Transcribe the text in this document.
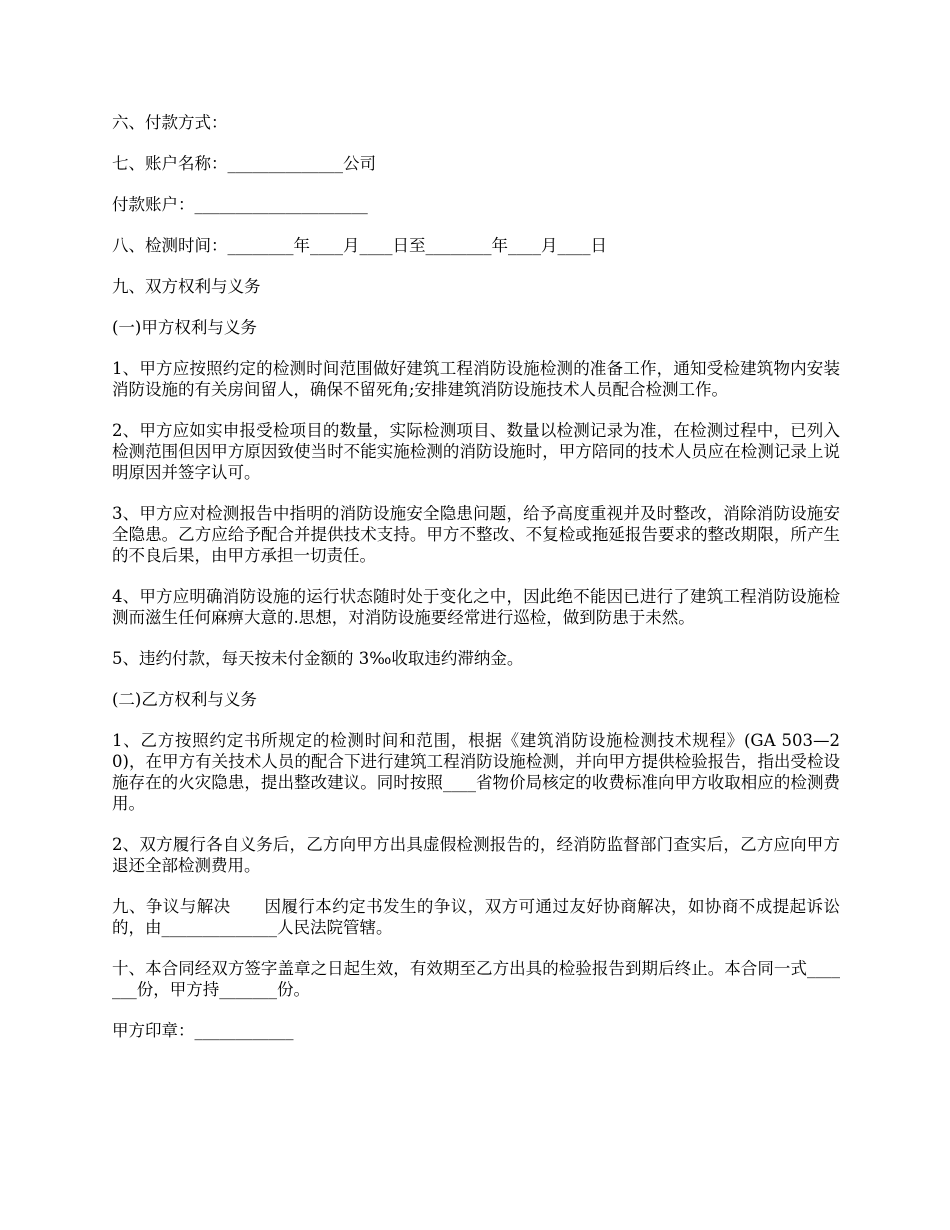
六、付款方式：

七、账户名称：______________公司

付款账户：_____________________

八、检测时间：________年____月____日至________年____月____日

九、双方权利与义务

(一)甲方权利与义务

1、甲方应按照约定的检测时间范围做好建筑工程消防设施检测的准备工作，通知受检建筑物内安装消防设施的有关房间留人，确保不留死角;安排建筑消防设施技术人员配合检测工作。

2、甲方应如实申报受检项目的数量，实际检测项目、数量以检测记录为准，在检测过程中，已列入检测范围但因甲方原因致使当时不能实施检测的消防设施时，甲方陪同的技术人员应在检测记录上说明原因并签字认可。

3、甲方应对检测报告中指明的消防设施安全隐患问题，给予高度重视并及时整改，消除消防设施安全隐患。乙方应给予配合并提供技术支持。甲方不整改、不复检或拖延报告要求的整改期限，所产生的不良后果，由甲方承担一切责任。

4、甲方应明确消防设施的运行状态随时处于变化之中，因此绝不能因已进行了建筑工程消防设施检测而滋生任何麻痹大意的.思想，对消防设施要经常进行巡检，做到防患于未然。

5、违约付款，每天按未付金额的 3‰收取违约滞纳金。

(二)乙方权利与义务

1、乙方按照约定书所规定的检测时间和范围，根据《建筑消防设施检测技术规程》(GA 503—20)，在甲方有关技术人员的配合下进行建筑工程消防设施检测，并向甲方提供检验报告，指出受检设施存在的火灾隐患，提出整改建议。同时按照____省物价局核定的收费标准向甲方收取相应的检测费用。

2、双方履行各自义务后，乙方向甲方出具虚假检测报告的，经消防监督部门查实后，乙方应向甲方退还全部检测费用。

九、争议与解决　　因履行本约定书发生的争议，双方可通过友好协商解决，如协商不成提起诉讼的，由______________人民法院管辖。

十、本合同经双方签字盖章之日起生效，有效期至乙方出具的检验报告到期后终止。本合同一式_______份，甲方持_______份。

甲方印章：____________
